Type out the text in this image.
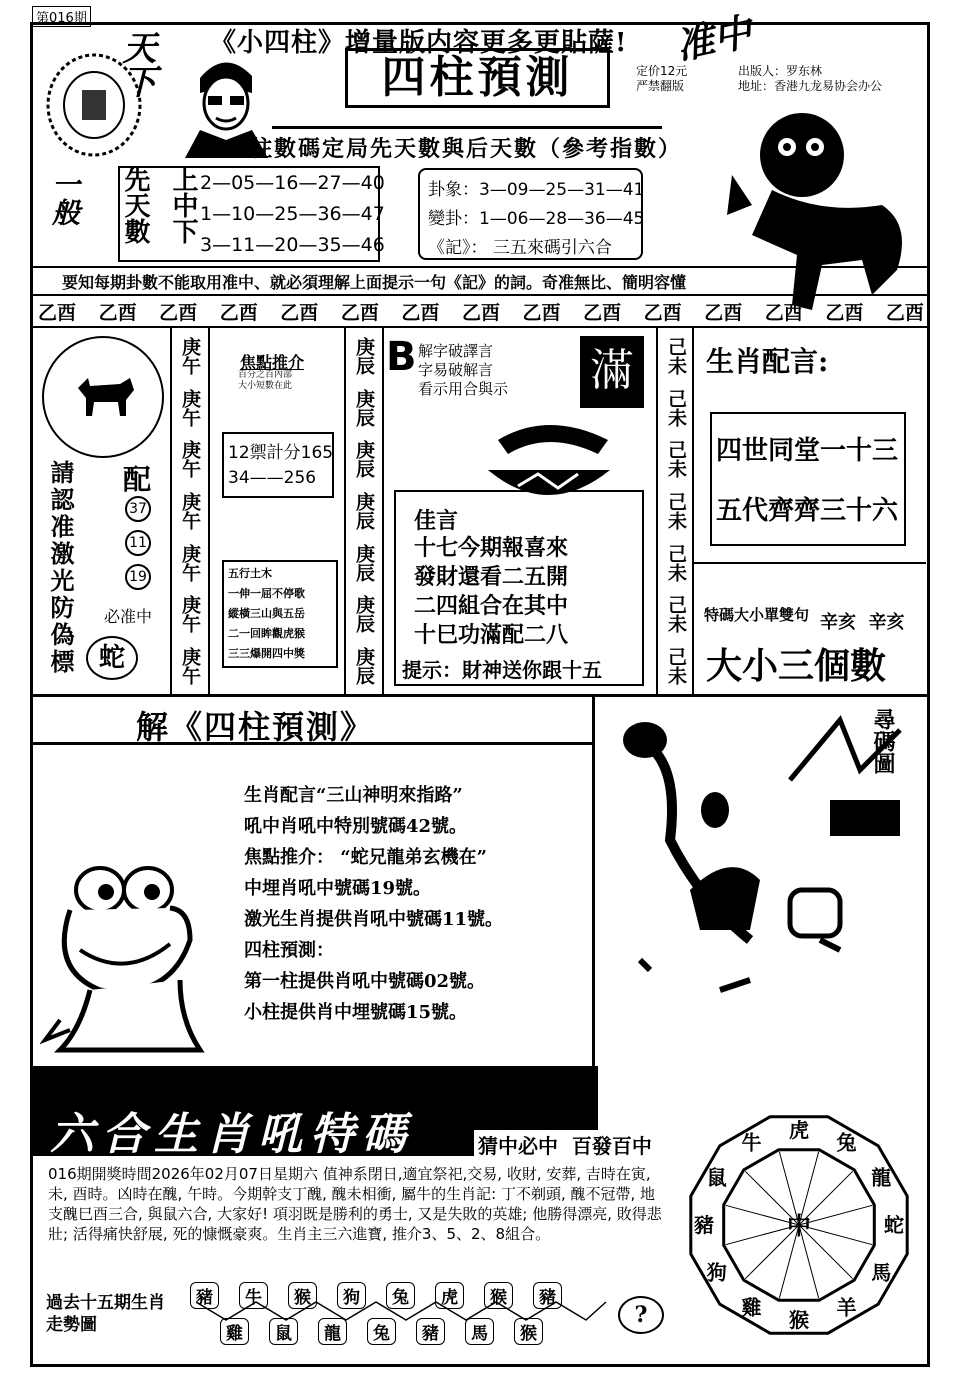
第016期
《小四柱》增量版内容更多更貼薩!
四柱預測	定价12元
严禁翻版
出版人：罗东林
地址：香港九龙易协会办公
准中
天下
一般
柱數碼定局先天數與后天數（參考指數）
先天數 上中下 2—05—16—27—40
1—10—25—36—47
3—11—20—35—46
卦象：3—09—25—31—41
變卦：1—06—28—36—45
《記》： 三五來碼引六合
要知每期卦數不能取用准中、就必須理解上面提示一句《記》的詞。奇准無比、簡明容懂
乙酉 乙酉 乙酉 乙酉 乙酉 乙酉 乙酉 乙酉 乙酉 乙酉 乙酉 乙酉 乙酉 乙酉 乙酉
請認准激光防偽標 配
37
11
19
必准中
蛇
庚午
庚午
庚午
庚午
庚午
庚午
庚午
焦點推介
百分之百內部
大小短數在此
12禦計分165
34——256
五行土木
一伸一屈不停歌
縱橫三山與五岳
二一回眸觀虎猴
三三爆開四中獎
庚辰
庚辰
庚辰
庚辰
庚辰
庚辰
庚辰
B 解字破譯言
字易破解言
看示用合與示 滿
佳言
十七今期報喜來
發財還看二五開
二四組合在其中
十巳功滿配二八
提示：財神送你跟十五
己未
己未
己未
己未
己未
己未
己未
生肖配言:
四世同堂一十三
五代齊齊三十六
特碼大小單雙句 辛亥  辛亥
大小三個數
解《四柱預測》
生肖配言“三山神明來指路”
吼中肖吼中特別號碼42號。
焦點推介： “蛇兄龍弟玄機在”
中埋肖吼中號碼19號。
激光生肖提供肖吼中號碼11號。
四柱預測：
第一柱提供肖吼中號碼02號。
小柱提供肖中埋號碼15號。
尋碼圖
六合生肖吼特碼	猜中必中  百發百中
016期開獎時間2026年02月07日星期六 值神系閉日,適宜祭祀,交易, 收財, 安葬, 吉時在寅, 未, 酉時。凶時在醜, 午時。今期幹支丁醜, 醜未相衝, 屬牛的生肖記: 丁不剃頭, 醜不冠帶, 地支醜巳酉三合, 與鼠六合, 大家好! 項羽既是勝利的勇士, 又是失敗的英雄; 他勝得漂亮, 敗得悲壯; 活得痛快舒展, 死的慷慨豪爽。生肖主三六進寶, 推介3、5、2、8組合。
過去十五期生肖走勢圖
豬 牛 猴 狗 兔 虎 猴 豬
雞 鼠 龍 兔 豬 馬 猴
?
虎
兔
龍
蛇
馬
羊
猴
雞
狗
豬
鼠
牛
中
